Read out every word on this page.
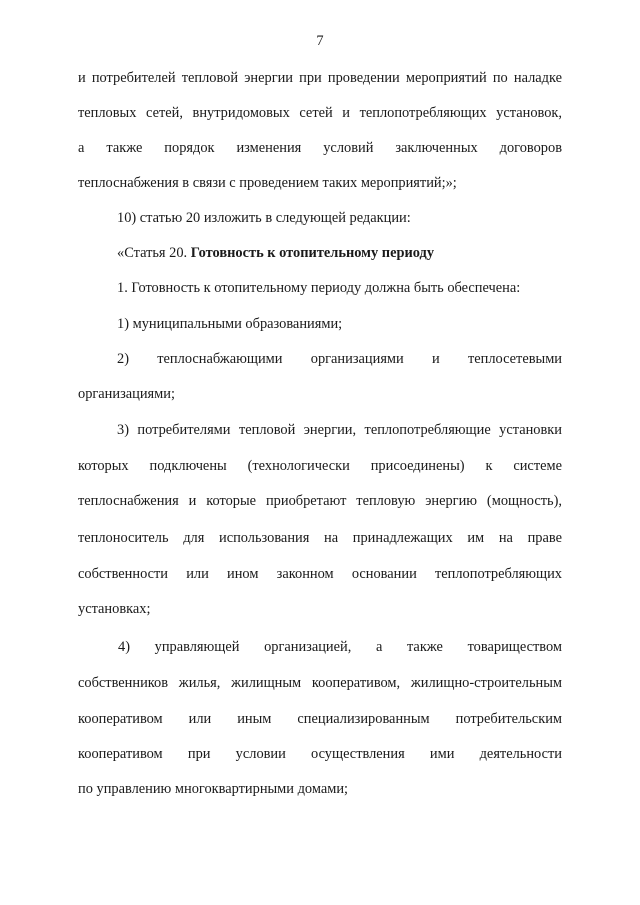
7
и потребителей тепловой энергии при проведении мероприятий по наладке
тепловых сетей, внутридомовых сетей и теплопотребляющих установок,
а также порядок изменения условий заключенных договоров
теплоснабжения в связи с проведением таких мероприятий;»;
10) статью 20 изложить в следующей редакции:
«Статья 20. Готовность к отопительному периоду
1. Готовность к отопительному периоду должна быть обеспечена:
1) муниципальными образованиями;
2) теплоснабжающими организациями и теплосетевыми
организациями;
3) потребителями тепловой энергии, теплопотребляющие установки
которых подключены (технологически присоединены) к системе
теплоснабжения и которые приобретают тепловую энергию (мощность),
теплоноситель для использования на принадлежащих им на праве
собственности или ином законном основании теплопотребляющих
установках;
4) управляющей организацией, а также товариществом
собственников жилья, жилищным кооперативом, жилищно-строительным
кооперативом или иным специализированным потребительским
кооперативом при условии осуществления ими деятельности
по управлению многоквартирными домами;
